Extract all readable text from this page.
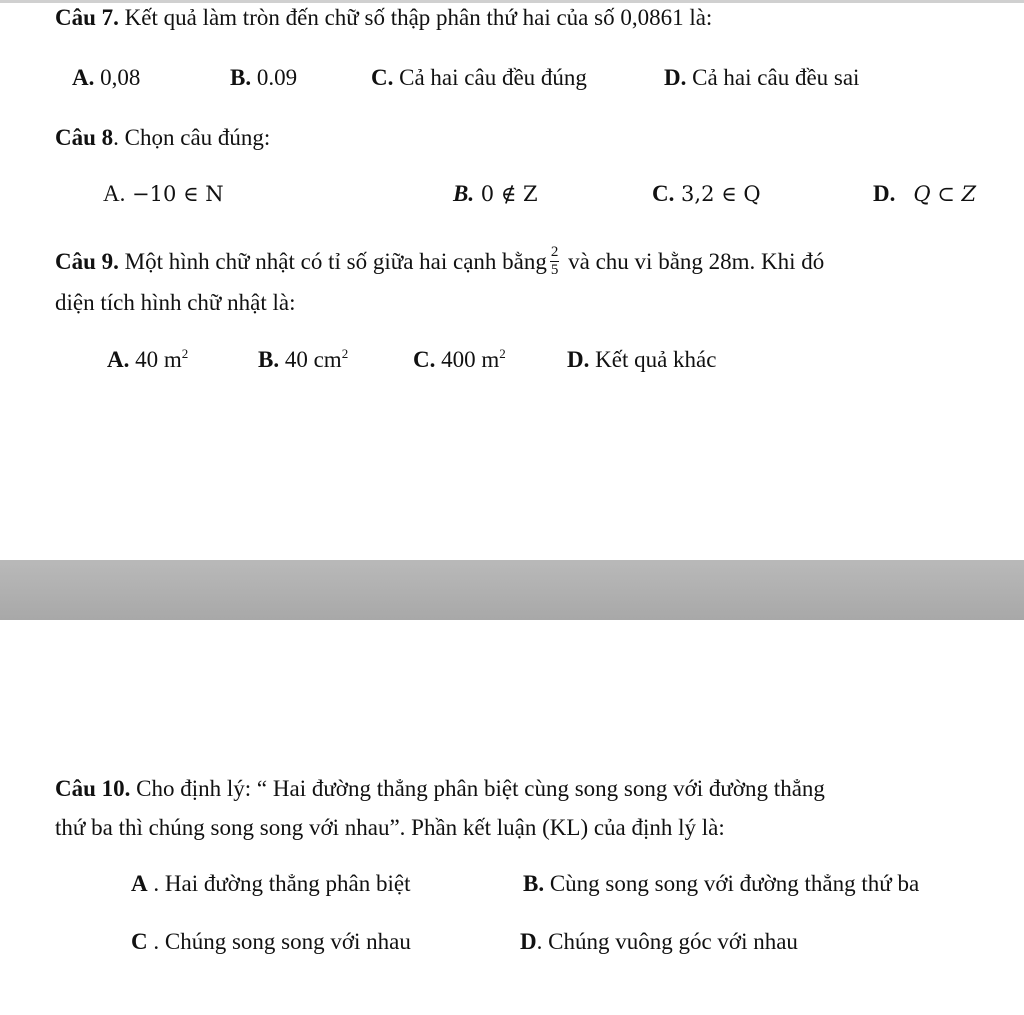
Câu 7. Kết quả làm tròn đến chữ số thập phân thứ hai của số 0,0861 là:
A. 0,08	B. 0.09	C. Cả hai câu đều đúng	D. Cả hai câu đều sai
Câu 8. Chọn câu đúng:
A. −10 ∈ N	B. 0 ∉ Z	C. 3,2 ∈ Q	D. Q ⊂ Z
Câu 9. Một hình chữ nhật có tỉ số giữa hai cạnh bằng $\frac{2}{5}$ và chu vi bằng 28m. Khi đó
diện tích hình chữ nhật là:
A. 40 $m^2$	B. 40 $cm^2$	C. 400 $m^2$	D. Kết quả khác
Câu 10. Cho định lý: “ Hai đường thẳng phân biệt cùng song song với đường thẳng
thứ ba thì chúng song song với nhau”. Phần kết luận (KL) của định lý là:
A . Hai đường thẳng phân biệt	B. Cùng song song với đường thẳng thứ ba
C . Chúng song song với nhau	D. Chúng vuông góc với nhau
